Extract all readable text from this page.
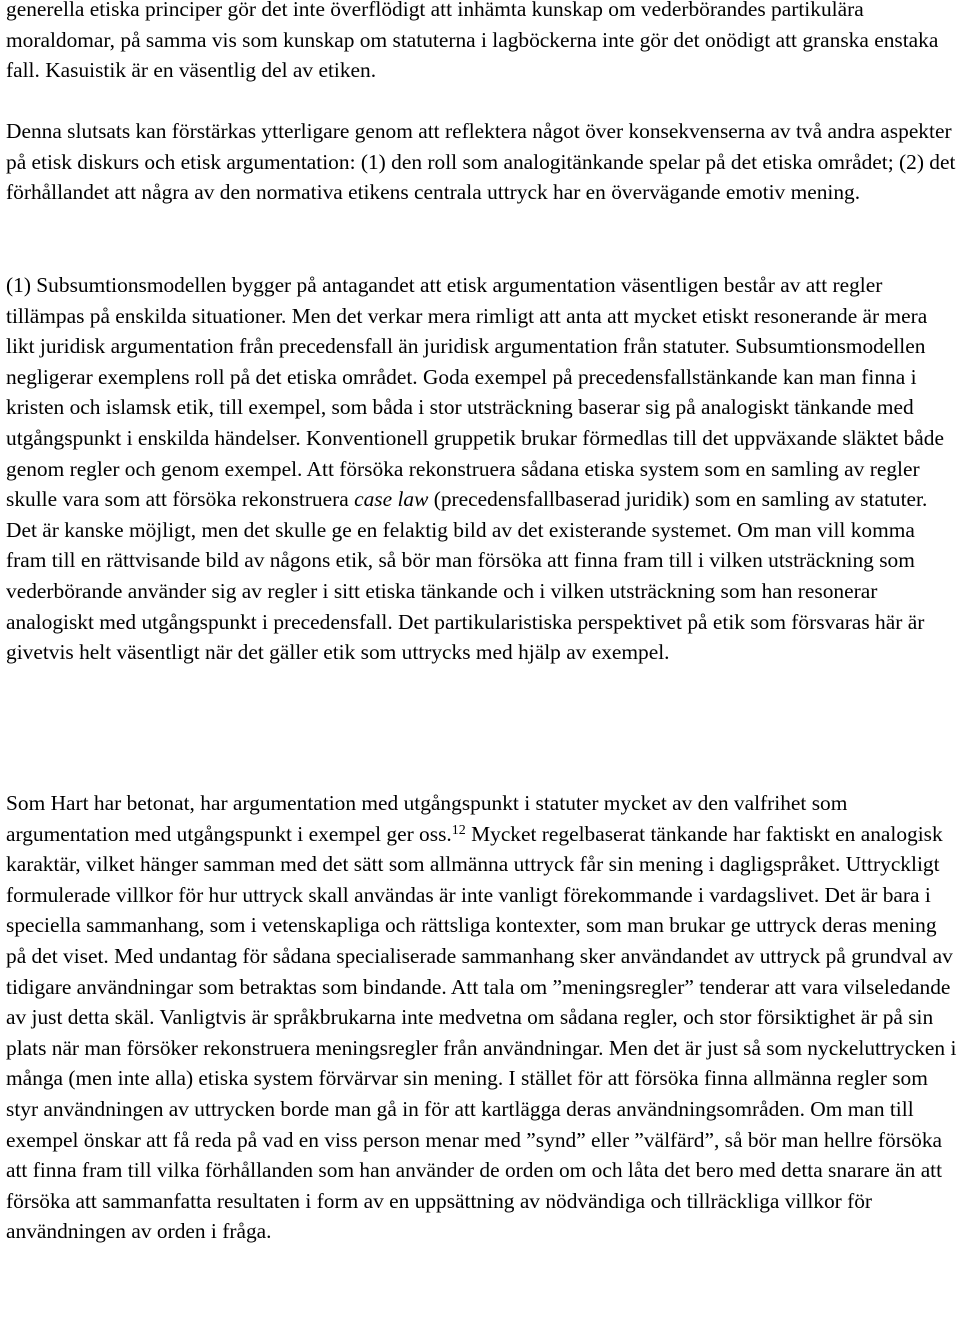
generella etiska principer gör det inte överflödigt att inhämta kunskap om vederbörandes partikulära moraldomar, på samma vis som kunskap om statuterna i lagböckerna inte gör det onödigt att granska enstaka fall. Kasuistik är en väsentlig del av etiken.

Denna slutsats kan förstärkas ytterligare genom att reflektera något över konsekvenserna av två andra aspekter på etisk diskurs och etisk argumentation: (1) den roll som analogitänkande spelar på det etiska området; (2) det förhållandet att några av den normativa etikens centrala uttryck har en övervägande emotiv mening.

(1) Subsumtionsmodellen bygger på antagandet att etisk argumentation väsentligen består av att regler tillämpas på enskilda situationer. Men det verkar mera rimligt att anta att mycket etiskt resonerande är mera likt juridisk argumentation från precedensfall än juridisk argumentation från statuter. Subsumtionsmodellen negligerar exemplens roll på det etiska området. Goda exempel på precedensfallstänkande kan man finna i kristen och islamsk etik, till exempel, som båda i stor utsträckning baserar sig på analogiskt tänkande med utgångspunkt i enskilda händelser. Konventionell gruppetik brukar förmedlas till det uppväxande släktet både genom regler och genom exempel. Att försöka rekonstruera sådana etiska system som en samling av regler skulle vara som att försöka rekonstruera case law (precedensfallbaserad juridik) som en samling av statuter. Det är kanske möjligt, men det skulle ge en felaktig bild av det existerande systemet. Om man vill komma fram till en rättvisande bild av någons etik, så bör man försöka att finna fram till i vilken utsträckning som vederbörande använder sig av regler i sitt etiska tänkande och i vilken utsträckning som han resonerar analogiskt med utgångspunkt i precedensfall. Det partikularistiska perspektivet på etik som försvaras här är givetvis helt väsentligt när det gäller etik som uttrycks med hjälp av exempel.

Som Hart har betonat, har argumentation med utgångspunkt i statuter mycket av den valfrihet som argumentation med utgångspunkt i exempel ger oss.$^{12}$ Mycket regelbaserat tänkande har faktiskt en analogisk karaktär, vilket hänger samman med det sätt som allmänna uttryck får sin mening i dagligspråket. Uttryckligt formulerade villkor för hur uttryck skall användas är inte vanligt förekommande i vardagslivet. Det är bara i speciella sammanhang, som i vetenskapliga och rättsliga kontexter, som man brukar ge uttryck deras mening på det viset. Med undantag för sådana specialiserade sammanhang sker användandet av uttryck på grundval av tidigare användningar som betraktas som bindande. Att tala om ”meningsregler” tenderar att vara vilseledande av just detta skäl. Vanligtvis är språkbrukarna inte medvetna om sådana regler, och stor försiktighet är på sin plats när man försöker rekonstruera meningsregler från användningar. Men det är just så som nyckeluttrycken i många (men inte alla) etiska system förvärvar sin mening. I stället för att försöka finna allmänna regler som styr användningen av uttrycken borde man gå in för att kartlägga deras användningsområden. Om man till exempel önskar att få reda på vad en viss person menar med ”synd” eller ”välfärd”, så bör man hellre försöka att finna fram till vilka förhållanden som han använder de orden om och låta det bero med detta snarare än att försöka att sammanfatta resultaten i form av en uppsättning av nödvändiga och tillräckliga villkor för användningen av orden i fråga.
